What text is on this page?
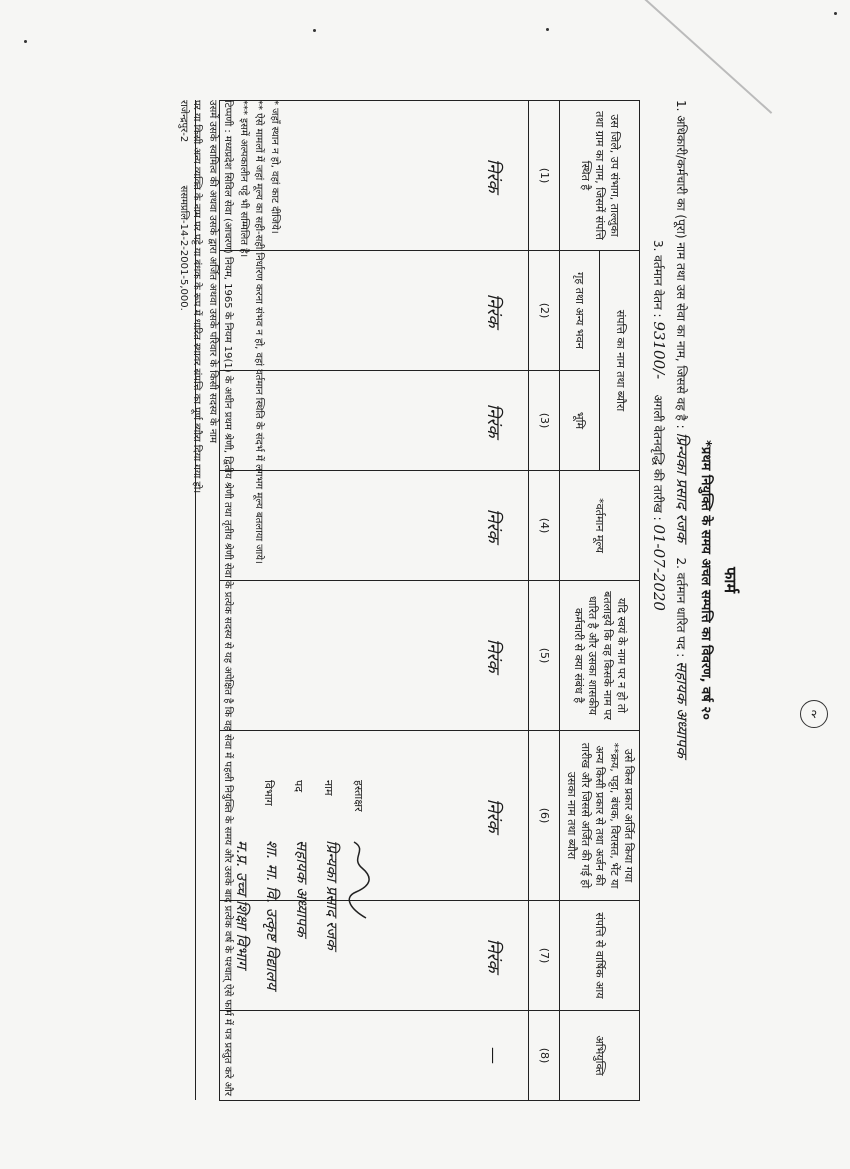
२
फार्म
*प्रथम नियुक्ति के समय अचल सम्पत्ति का विवरण, वर्ष २०
1. अधिकारी/कर्मचारी का (पूरा) नाम तथा उस सेवा का नाम, जिससे वह है : प्रिन्यका प्रसाद रजक    2. वर्तमान धारित पद : सहायक अध्यापक
3. वर्तमान वेतन : 93100/-    अगली वेतनवृद्धि की तारीख : 01-07-2020
उस जिले, उप संभाग, ताल्लुका तथा ग्राम का नाम, जिसमें संपत्ति स्थित है	संपत्ति का नाम तथा ब्यौरा		*वर्तमान मूल्य	यदि स्वयं के नाम पर न हो तो बतलाइये कि वह किसके नाम पर धारित है और उसका शासकीय कर्मचारी से क्या संबंध है	उसे किस प्रकार अर्जित किया गया **क्रय, पट्टा, बंधक, विरासत, भेंट या अन्य किसी प्रकार से तथा अर्जन की तारीख और जिससे अर्जित की गई हो उसका नाम तथा ब्यौरा	संपत्ति से वार्षिक आय	अभियुक्ति
	गृह तथा अन्य भवन	भूमि					
(1)	(2)	(3)	(4)	(5)	(6)	(7)	(8)
निरंक	निरंक	निरंक	निरंक	निरंक	निरंक	निरंक	—
* जहाँ स्थान न हो, वहां काट दीजिये।
** ऐसे मामलों में जहां मूल्य का सही-सही निर्धारण करना संभव न हो, वहां वर्तमान स्थिति के संदर्भ में लगभग मूल्य बतलाया जाये।
*** इसमें अल्पकालीन पट्टे भी सम्मिलित है।
टिप्पणी : मध्यप्रदेश सिविल सेवा (आचरण) नियम, 1965 के नियम 19(1) के अधीन प्रथम श्रेणी, द्वितीय श्रेणी तथा तृतीय श्रेणी सेवा के प्रत्येक सदस्य से यह अपेक्षित है कि वह सेवा में पहली नियुक्ति के समय और उसके बाद प्रत्येक वर्ष के पश्चात् ऐसे फार्म में पत्र प्रस्तुत करे और
उसमें उसके स्वामित्व की अथवा उसके द्वारा अर्जित अथवा उसके परिवार के किसी सदस्य के नाम
पर या किसी अन्य व्यक्ति के नाम पर पट्टे या बंधक के रूप में धारित स्थावर संपत्ति का पूर्ण ब्यौरा दिया गया हो।
हस्ताक्षर
नाम
प्रिन्यका प्रसाद रजक
पद
सहायक अध्यापक
विभाग
शा. मा. वि. उत्कृष्ट विद्यालय
म.प्र. उच्च शिक्षा विभाग
राजेन्द्रपुर-2 ससमप्रलि-14-2-2001-5,000.
